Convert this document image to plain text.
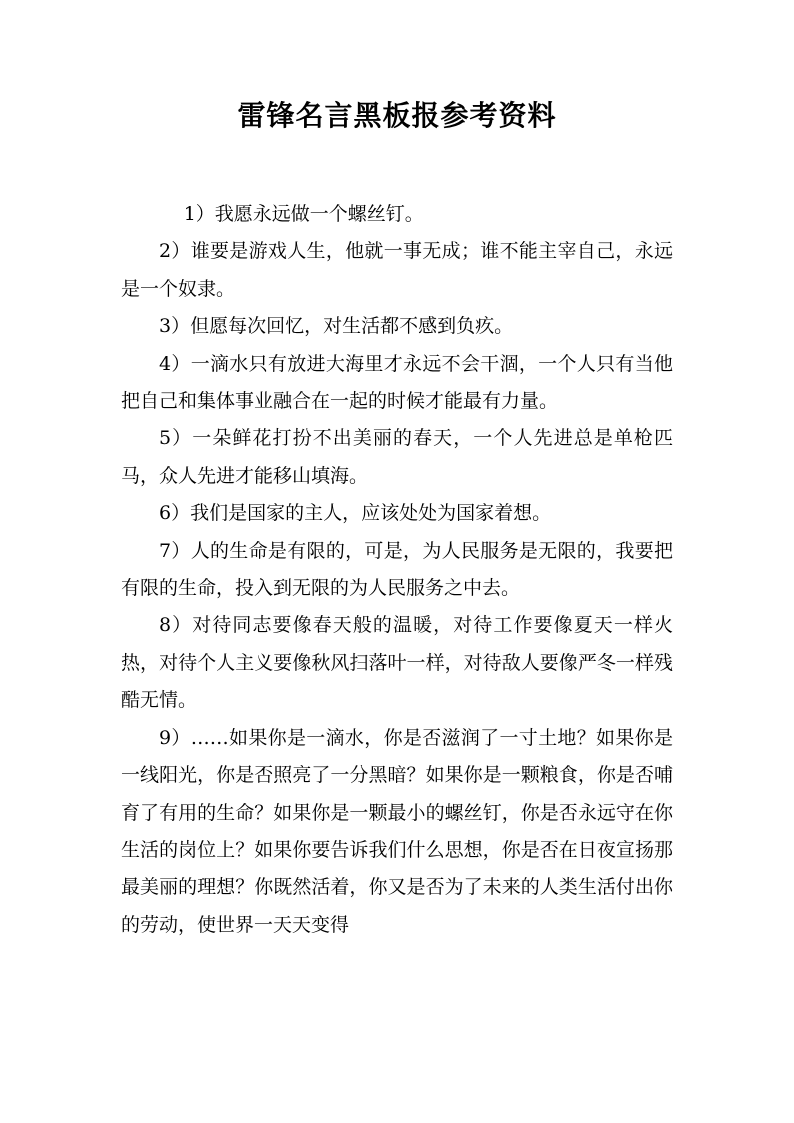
雷锋名言黑板报参考资料

1）我愿永远做一个螺丝钉。

2）谁要是游戏人生，他就一事无成；谁不能主宰自己，永远是一个奴隶。

3）但愿每次回忆，对生活都不感到负疚。

4）一滴水只有放进大海里才永远不会干涸，一个人只有当他把自己和集体事业融合在一起的时候才能最有力量。

5）一朵鲜花打扮不出美丽的春天，一个人先进总是单枪匹马，众人先进才能移山填海。

6）我们是国家的主人，应该处处为国家着想。

7）人的生命是有限的，可是，为人民服务是无限的，我要把有限的生命，投入到无限的为人民服务之中去。

8）对待同志要像春天般的温暖，对待工作要像夏天一样火热，对待个人主义要像秋风扫落叶一样，对待敌人要像严冬一样残酷无情。

9）……如果你是一滴水，你是否滋润了一寸土地？如果你是一线阳光，你是否照亮了一分黑暗？如果你是一颗粮食，你是否哺育了有用的生命？如果你是一颗最小的螺丝钉，你是否永远守在你生活的岗位上？如果你要告诉我们什么思想，你是否在日夜宣扬那最美丽的理想？你既然活着，你又是否为了未来的人类生活付出你的劳动，使世界一天天变得
